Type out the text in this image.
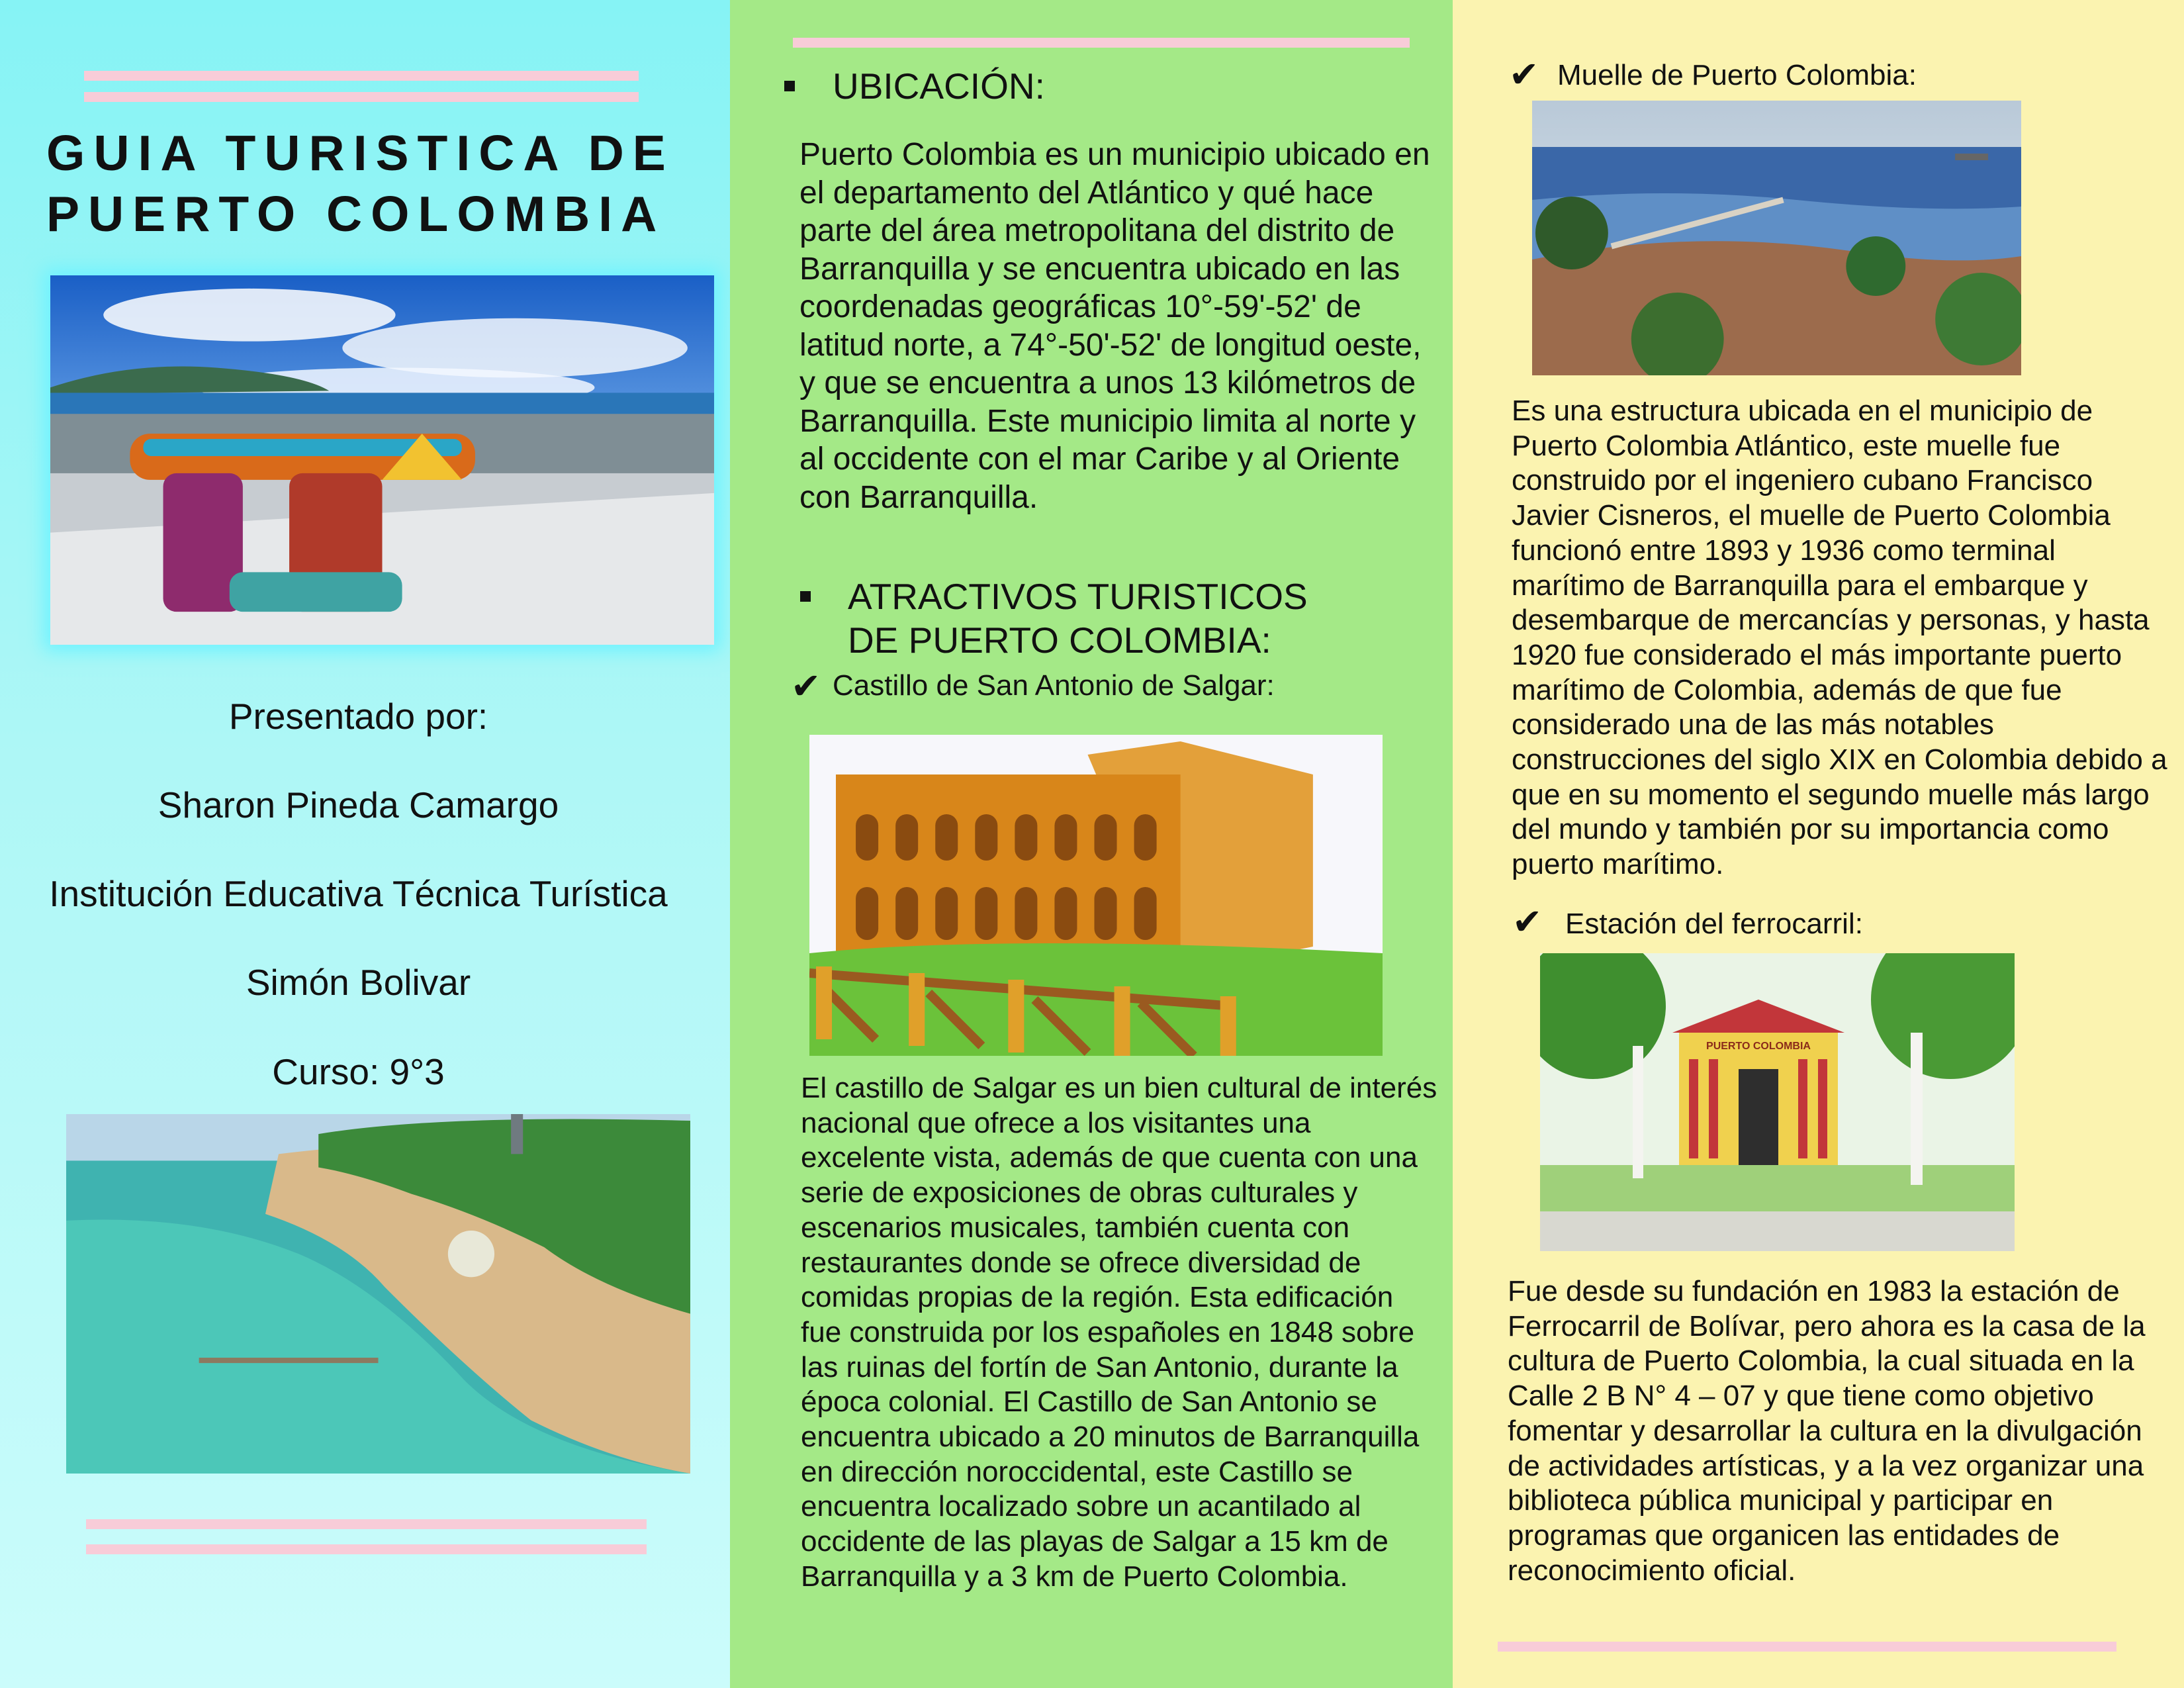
GUIA TURISTICA DE PUERTO COLOMBIA
Presentado por:
Sharon Pineda Camargo
Institución Educativa Técnica Turística
Simón Bolivar
Curso: 9°3
UBICACIÓN:
Puerto Colombia es un municipio ubicado en el departamento del Atlántico y qué hace parte del área metropolitana del distrito de Barranquilla y se encuentra ubicado en las coordenadas geográficas 10°-59'-52' de latitud norte, a 74°-50'-52' de longitud oeste, y que se encuentra a unos 13 kilómetros de Barranquilla. Este municipio limita al norte y al occidente con el mar Caribe y al Oriente con Barranquilla.
ATRACTIVOS TURISTICOS
DE PUERTO COLOMBIA:
✔ Castillo de San Antonio de Salgar:
El castillo de Salgar es un bien cultural de interés nacional que ofrece a los visitantes una excelente vista, además de que cuenta con una serie de exposiciones de obras culturales y escenarios musicales, también cuenta con restaurantes donde se ofrece diversidad de comidas propias de la región. Esta edificación fue construida por los españoles en 1848 sobre las ruinas del fortín de San Antonio, durante la época colonial. El Castillo de San Antonio se encuentra ubicado a 20 minutos de Barranquilla en dirección noroccidental, este Castillo se encuentra localizado sobre un acantilado al occidente de las playas de Salgar a 15 km de Barranquilla y a 3 km de Puerto Colombia.
✔ Muelle de Puerto Colombia:
Es una estructura ubicada en el municipio de Puerto Colombia Atlántico, este muelle fue construido por el ingeniero cubano Francisco Javier Cisneros, el muelle de Puerto Colombia funcionó entre 1893 y 1936 como terminal marítimo de Barranquilla para el embarque y desembarque de mercancías y personas, y hasta 1920 fue considerado el más importante puerto marítimo de Colombia, además de que fue considerado una de las más notables construcciones del siglo XIX en Colombia debido a que en su momento el segundo muelle más largo del mundo y también por su importancia como puerto marítimo.
✔ Estación del ferrocarril:
PUERTO COLOMBIA
Fue desde su fundación en 1983 la estación de Ferrocarril de Bolívar, pero ahora es la casa de la cultura de Puerto Colombia, la cual situada en la Calle 2 B N° 4 – 07 y que tiene como objetivo fomentar y desarrollar la cultura en la divulgación de actividades artísticas, y a la vez organizar una biblioteca pública municipal y participar en programas que organicen las entidades de reconocimiento oficial.
